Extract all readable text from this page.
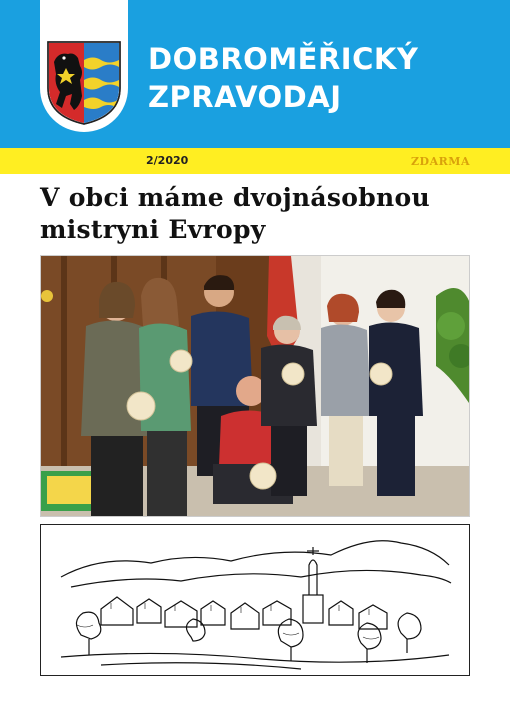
DOBROMĚŘICKÝ
ZPRAVODAJ
2/2020	ZDARMA
V obci máme dvojnásobnou
mistryni Evropy
